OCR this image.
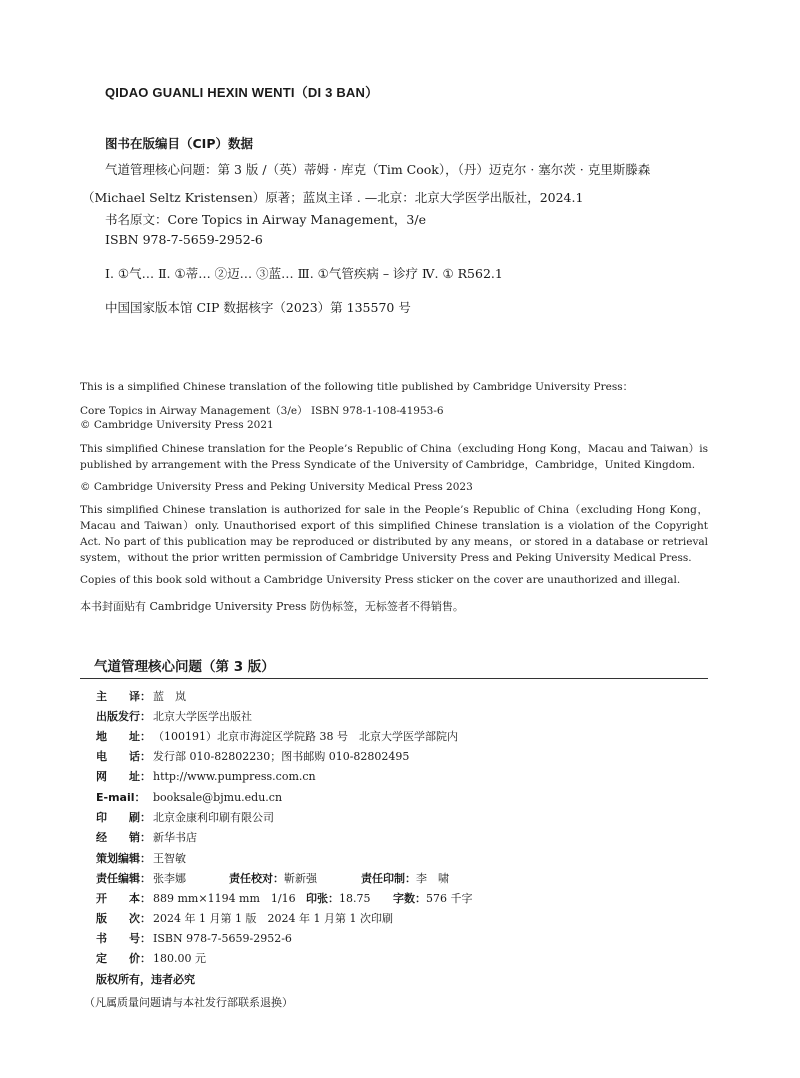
QIDAO GUANLI HEXIN WENTI（DI 3 BAN）
图书在版编目（CIP）数据
气道管理核心问题：第 3 版 /（英）蒂姆 · 库克（Tim Cook），（丹）迈克尔 · 塞尔茨 · 克里斯滕森
（Michael Seltz Kristensen）原著；蓝岚主译 . —北京：北京大学医学出版社，2024.1
书名原文：Core Topics in Airway Management，3/e
ISBN 978-7-5659-2952-6
Ⅰ. ①气… Ⅱ. ①蒂… ②迈… ③蓝… Ⅲ. ①气管疾病 – 诊疗 Ⅳ. ① R562.1
中国国家版本馆 CIP 数据核字（2023）第 135570 号
This is a simplified Chinese translation of the following title published by Cambridge University Press：
Core Topics in Airway Management（3/e） ISBN 978-1-108-41953-6
© Cambridge University Press 2021
This simplified Chinese translation for the People’s Republic of China（excluding Hong Kong，Macau and Taiwan）is published by arrangement with the Press Syndicate of the University of Cambridge，Cambridge，United Kingdom.
© Cambridge University Press and Peking University Medical Press 2023
This simplified Chinese translation is authorized for sale in the People’s Republic of China（excluding Hong Kong，Macau and Taiwan）only. Unauthorised export of this simplified Chinese translation is a violation of the Copyright Act. No part of this publication may be reproduced or distributed by any means，or stored in a database or retrieval system，without the prior written permission of Cambridge University Press and Peking University Medical Press.
Copies of this book sold without a Cambridge University Press sticker on the cover are unauthorized and illegal.
本书封面贴有 Cambridge University Press 防伪标签，无标签者不得销售。
气道管理核心问题（第 3 版）
主　　译： 蓝　岚
出版发行： 北京大学医学出版社
地　　址： （100191）北京市海淀区学院路 38 号　北京大学医学部院内
电　　话： 发行部 010-82802230；图书邮购 010-82802495
网　　址： http://www.pumpress.com.cn
E-mail： booksale@bjmu.edu.cn
印　　刷： 北京金康利印刷有限公司
经　　销： 新华书店
策划编辑： 王智敏
责任编辑： 张李娜	责任校对：靳新强	责任印制：李　啸
开　　本： 889 mm×1194 mm　1/16 印张：18.75 字数：576 千字
版　　次： 2024 年 1 月第 1 版　2024 年 1 月第 1 次印刷
书　　号： ISBN 978-7-5659-2952-6
定　　价： 180.00 元
版权所有，违者必究
（凡属质量问题请与本社发行部联系退换）
